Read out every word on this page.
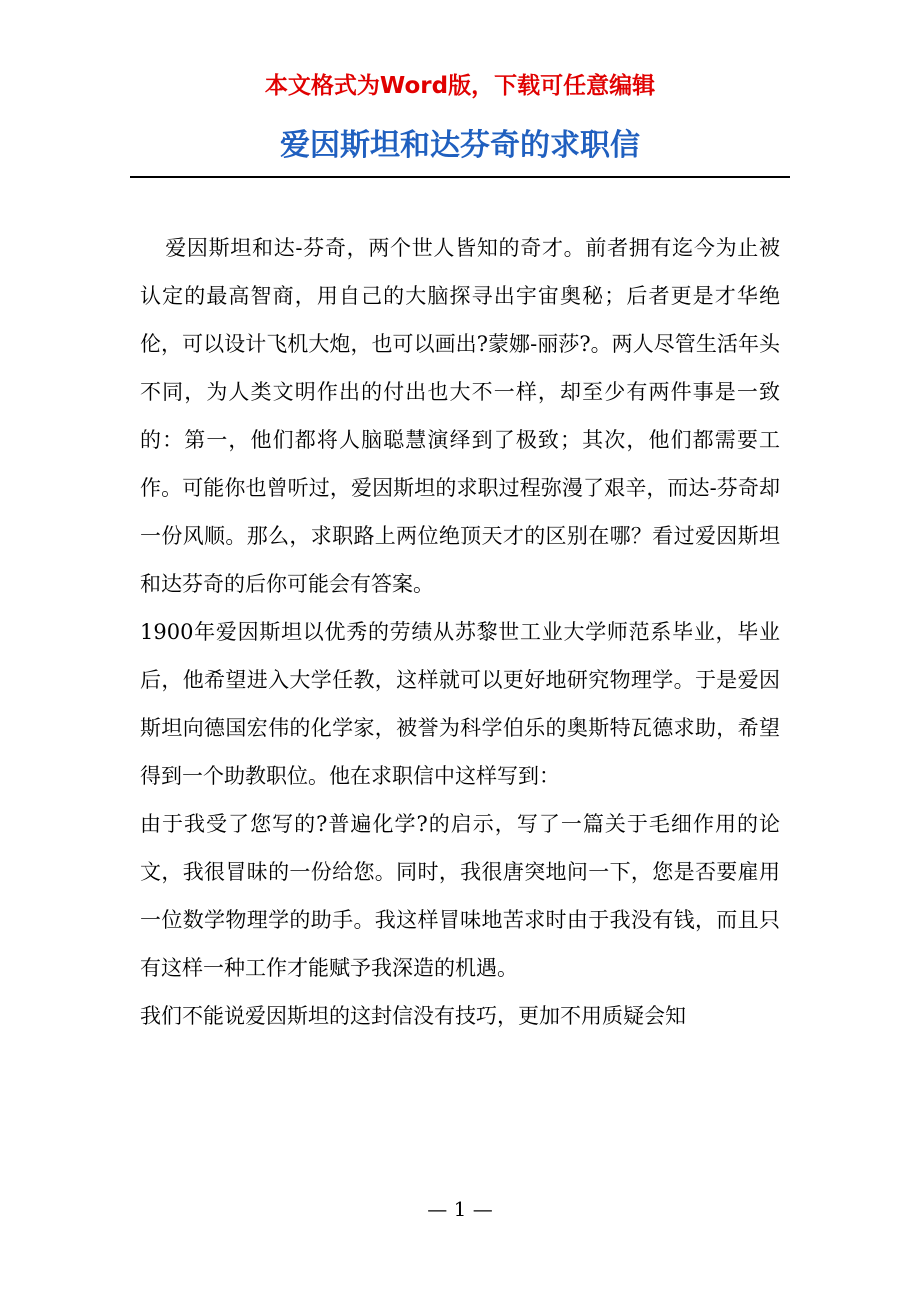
本文格式为Word版，下载可任意编辑
爱因斯坦和达芬奇的求职信

爱因斯坦和达-芬奇，两个世人皆知的奇才。前者拥有迄今为止被认定的最高智商，用自己的大脑探寻出宇宙奥秘；后者更是才华绝伦，可以设计飞机大炮，也可以画出?蒙娜-丽莎?。两人尽管生活年头不同，为人类文明作出的付出也大不一样，却至少有两件事是一致的：第一，他们都将人脑聪慧演绎到了极致；其次，他们都需要工作。可能你也曾听过，爱因斯坦的求职过程弥漫了艰辛，而达-芬奇却一份风顺。那么，求职路上两位绝顶天才的区别在哪？看过爱因斯坦和达芬奇的后你可能会有答案。

1900年爱因斯坦以优秀的劳绩从苏黎世工业大学师范系毕业，毕业后，他希望进入大学任教，这样就可以更好地研究物理学。于是爱因斯坦向德国宏伟的化学家，被誉为科学伯乐的奥斯特瓦德求助，希望得到一个助教职位。他在求职信中这样写到：

由于我受了您写的?普遍化学?的启示，写了一篇关于毛细作用的论文，我很冒昧的一份给您。同时，我很唐突地问一下，您是否要雇用一位数学物理学的助手。我这样冒味地苦求时由于我没有钱，而且只有这样一种工作才能赋予我深造的机遇。

我们不能说爱因斯坦的这封信没有技巧，更加不用质疑会知

— 1 —
